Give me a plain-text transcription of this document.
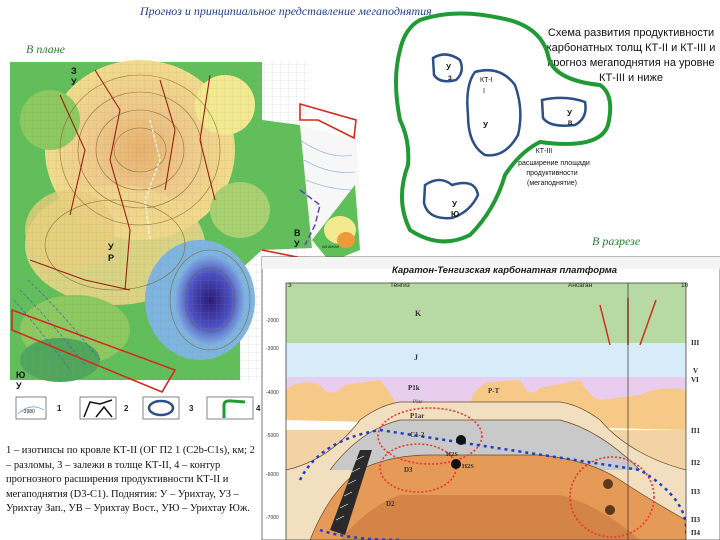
Прогноз и принципиальное представление мегаподнятия
В плане
В разрезе
Схема развития продуктивности карбонатных толщ КТ-II и КТ-III и прогноз мегаподнятия на уровне КТ-III и ниже
1 – изотипсы по кровле КТ-II (ОГ П2 1 (C2b-C1s), км; 2 – разломы, 3 – залежи в толще КТ-II, 4 – контур прогнозного расширения продуктивности КТ-II и мегаподнятия (D3-C1). Поднятия: У – Урихтау, УЗ – Урихтау Зап., УВ – Урихтау Вост., УЮ – Урихтау Юж.
КАНАЖАН
З
У
У
Р
В
У
Ю
У
-3980	1	2	3	4
У
З	КТ-I
I
У
У
В
У
Ю
КТ-III
расширение площади
продуктивности
(мегаподнятие)
Каратон-Тенгизская карбонатная платформа
Тенгиз	Ансаган
3	10
-2000
-3000
-4000
-5000
-6000
-7000
K
J
P1k	P-T
P1ar
P1ar
C1-2
D3
D2
H2S
H2S
III
V
VI
П1
П2
П3
П3
П4
